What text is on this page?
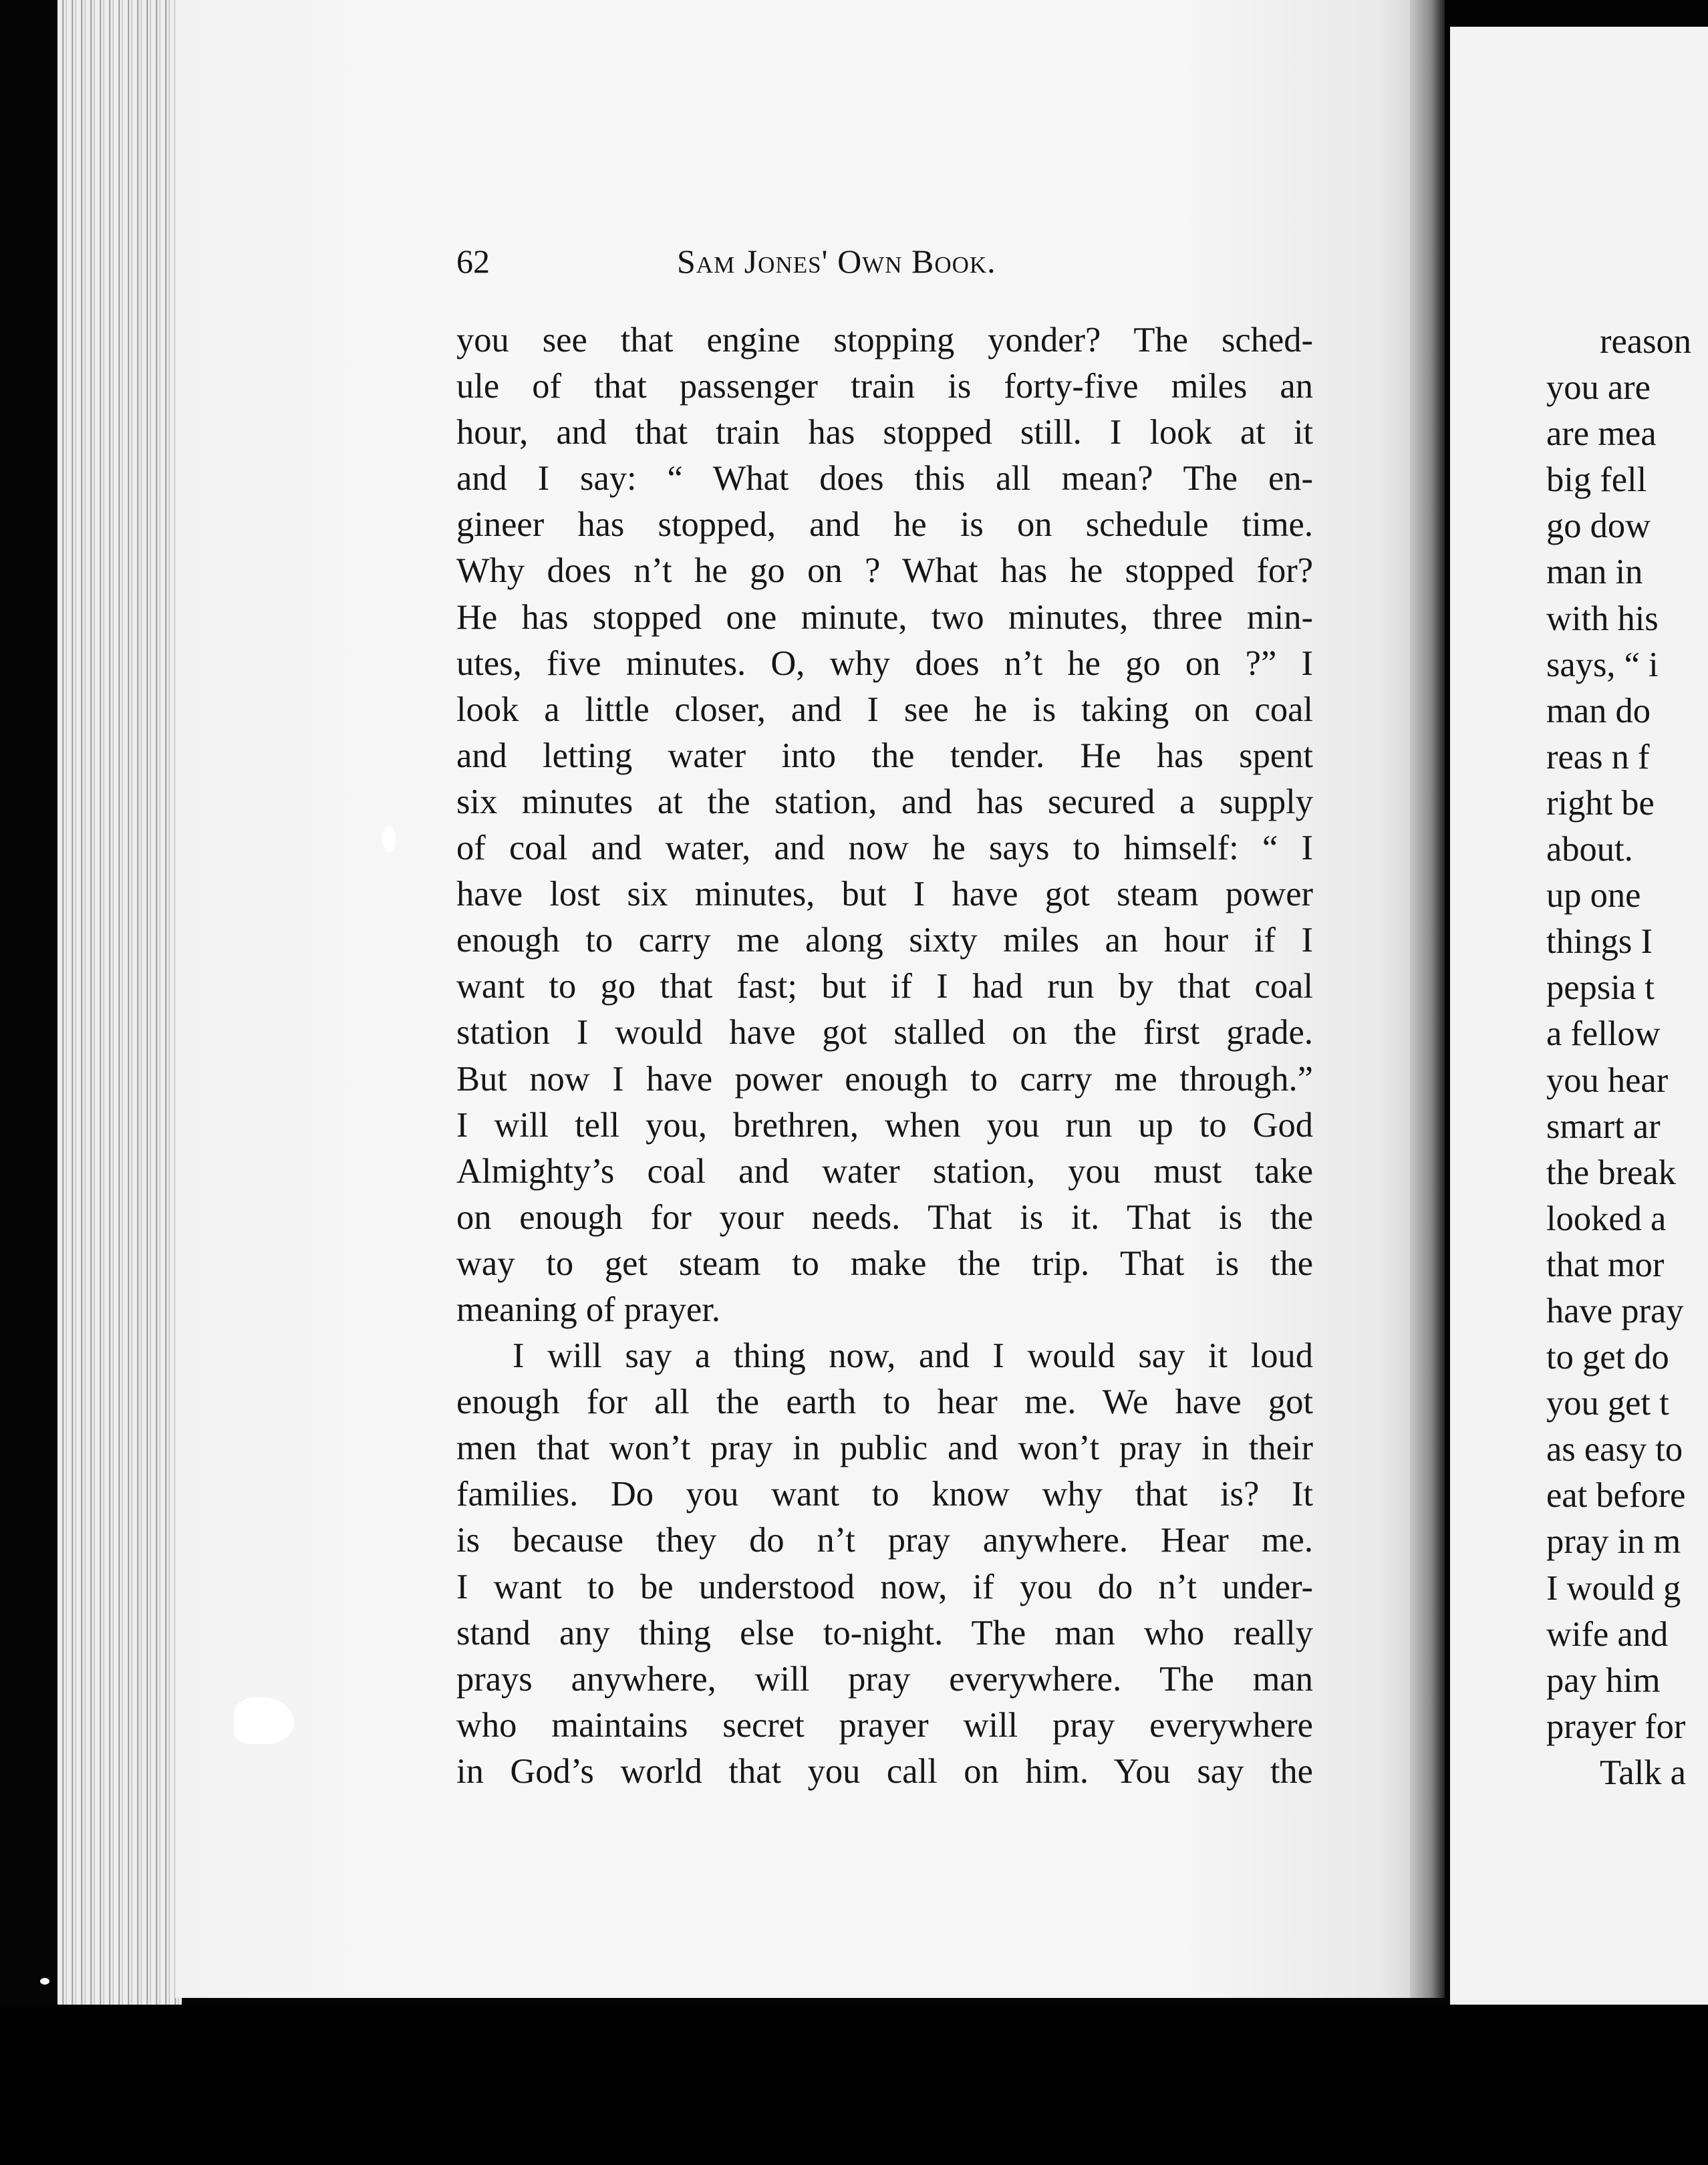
62	Sam Jones' Own Book.
you see that engine stopping yonder? The sched-
ule of that passenger train is forty-five miles an
hour, and that train has stopped still. I look at it
and I say: “ What does this all mean? The en-
gineer has stopped, and he is on schedule time.
Why does n’t he go on ? What has he stopped for?
He has stopped one minute, two minutes, three min-
utes, five minutes. O, why does n’t he go on ?” I
look a little closer, and I see he is taking on coal
and letting water into the tender. He has spent
six minutes at the station, and has secured a supply
of coal and water, and now he says to himself: “ I
have lost six minutes, but I have got steam power
enough to carry me along sixty miles an hour if I
want to go that fast; but if I had run by that coal
station I would have got stalled on the first grade.
But now I have power enough to carry me through.”
I will tell you, brethren, when you run up to God
Almighty’s coal and water station, you must take
on enough for your needs. That is it. That is the
way to get steam to make the trip. That is the
meaning of prayer.
I will say a thing now, and I would say it loud
enough for all the earth to hear me. We have got
men that won’t pray in public and won’t pray in their
families. Do you want to know why that is? It
is because they do n’t pray anywhere. Hear me.
I want to be understood now, if you do n’t under-
stand any thing else to-night. The man who really
prays anywhere, will pray everywhere. The man
who maintains secret prayer will pray everywhere
in God’s world that you call on him. You say the
reason
you are
are mea
big fell
go dow
man in
with his
says, “ i
man do
reas n f
right be
about.
up one
things I
pepsia t
a fellow
you hear
smart ar
the break
looked a
that mor
have pray
to get do
you get t
as easy to
eat before
pray in m
I would g
wife and
pay him
prayer for
Talk a
